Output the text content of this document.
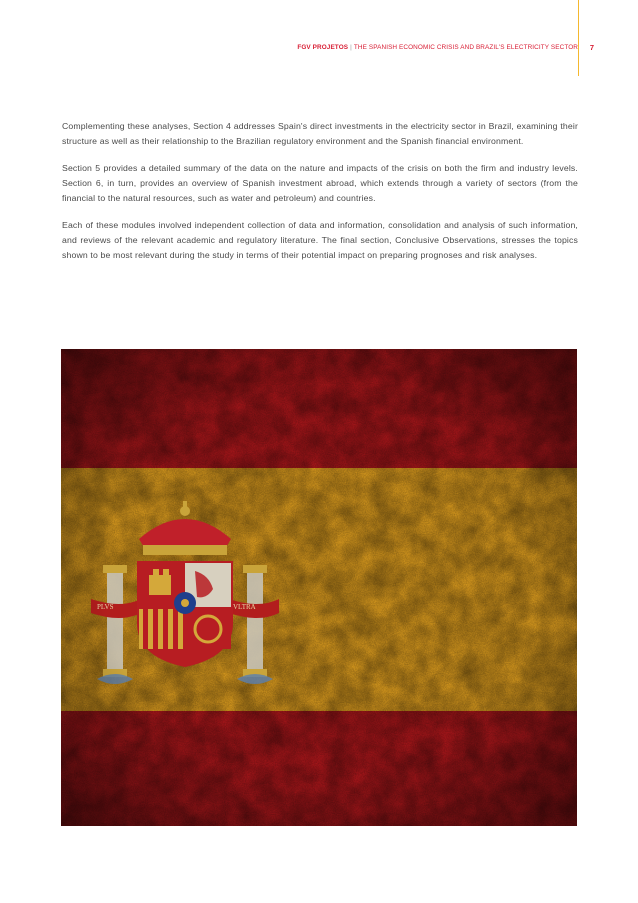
FGV PROJETOS | THE SPANISH ECONOMIC CRISIS AND BRAZIL'S ELECTRICITY SECTOR	7

Complementing these analyses, Section 4 addresses Spain's direct investments in the electricity sector in Brazil, examining their structure as well as their relationship to the Brazilian regulatory environment and the Spanish financial environment.

Section 5 provides a detailed summary of the data on the nature and impacts of the crisis on both the firm and industry levels. Section 6, in turn, provides an overview of Spanish investment abroad, which extends through a variety of sectors (from the financial to the natural resources, such as water and petroleum) and countries.

Each of these modules involved independent collection of data and information, consolidation and analysis of such information, and reviews of the relevant academic and regulatory literature. The final section, Conclusive Observations, stresses the topics shown to be most relevant during the study in terms of their potential impact on preparing prognoses and risk analyses.
